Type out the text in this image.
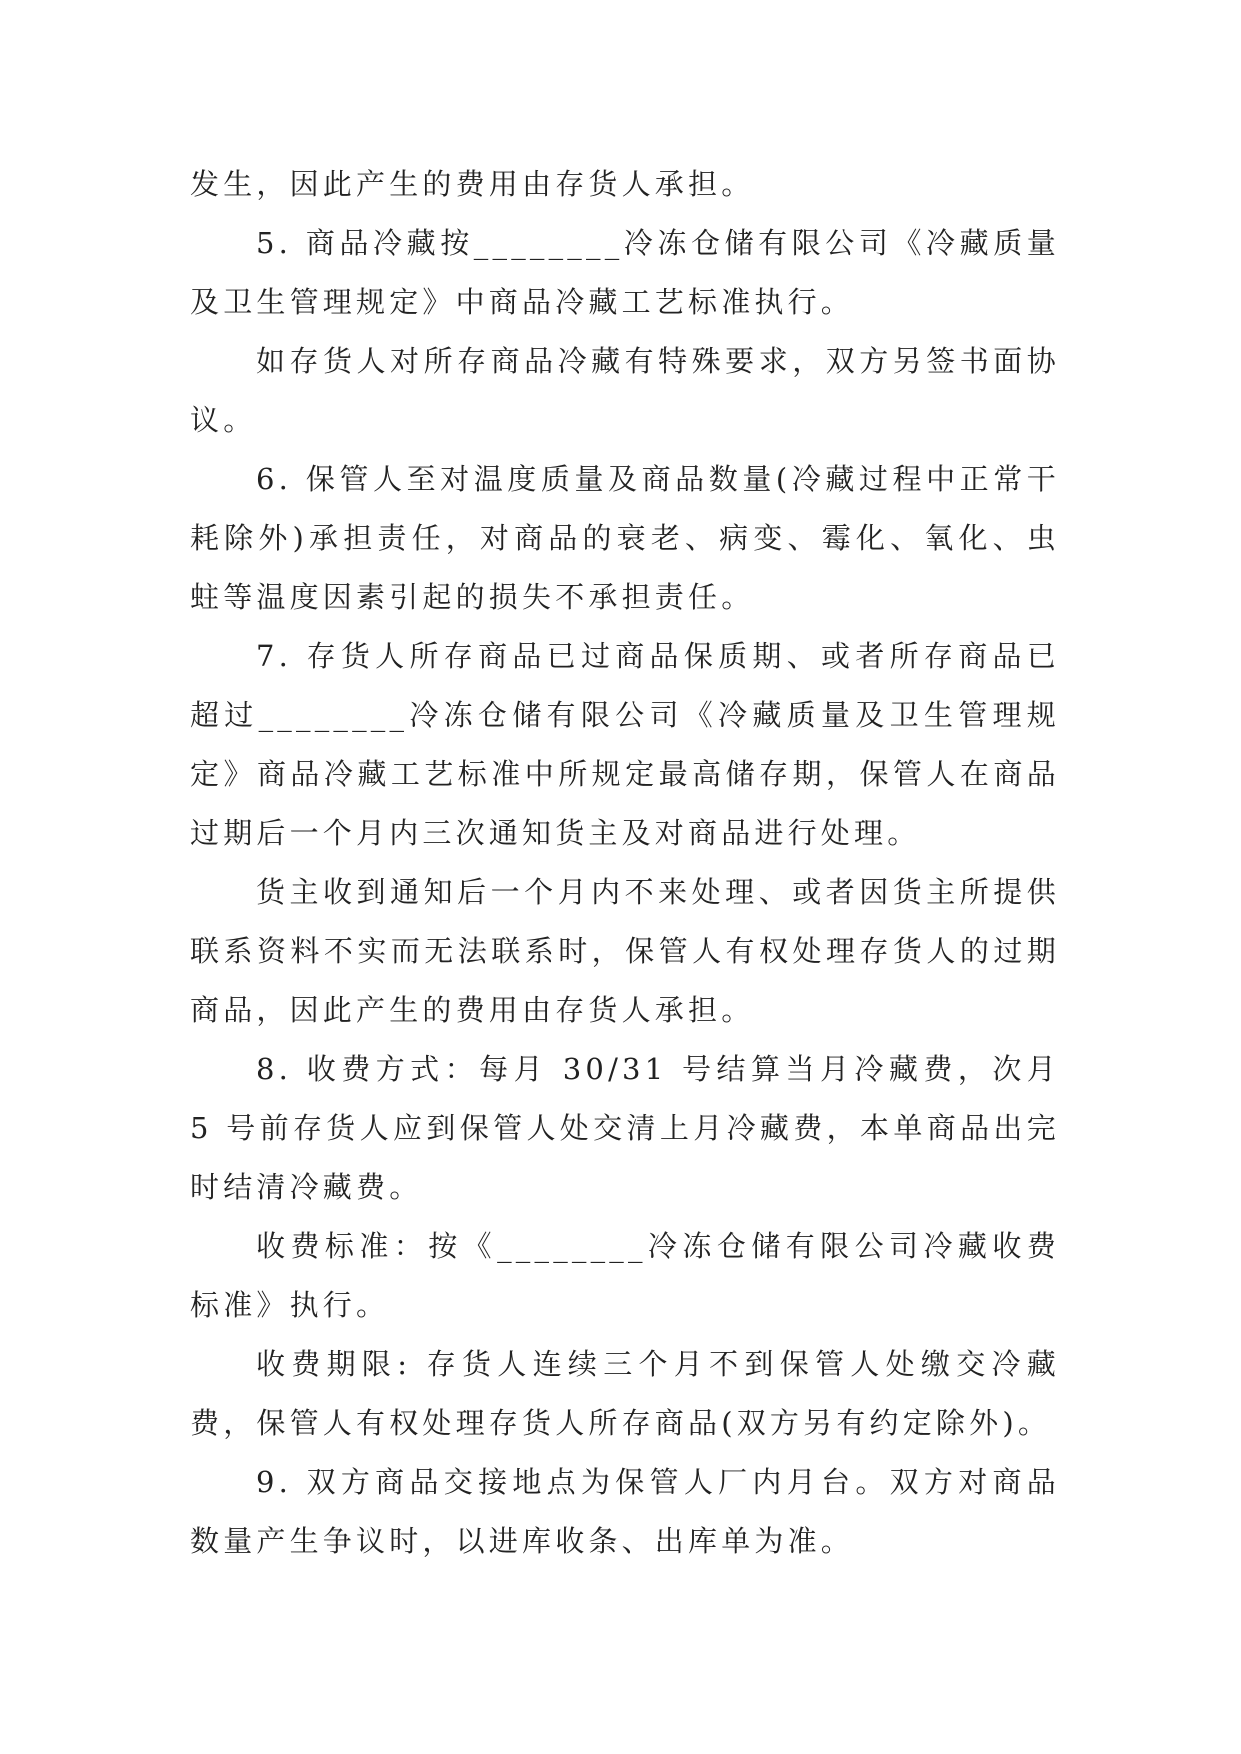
发生，因此产生的费用由存货人承担。

5. 商品冷藏按________冷冻仓储有限公司《冷藏质量及卫生管理规定》中商品冷藏工艺标准执行。

如存货人对所存商品冷藏有特殊要求，双方另签书面协议。

6. 保管人至对温度质量及商品数量(冷藏过程中正常干耗除外)承担责任，对商品的衰老、病变、霉化、氧化、虫蛀等温度因素引起的损失不承担责任。

7. 存货人所存商品已过商品保质期、或者所存商品已超过________冷冻仓储有限公司《冷藏质量及卫生管理规定》商品冷藏工艺标准中所规定最高储存期，保管人在商品过期后一个月内三次通知货主及对商品进行处理。

货主收到通知后一个月内不来处理、或者因货主所提供联系资料不实而无法联系时，保管人有权处理存货人的过期商品，因此产生的费用由存货人承担。

8. 收费方式：每月 30/31 号结算当月冷藏费，次月 5 号前存货人应到保管人处交清上月冷藏费，本单商品出完时结清冷藏费。

收费标准：按《________冷冻仓储有限公司冷藏收费标准》执行。

收费期限: 存货人连续三个月不到保管人处缴交冷藏费，保管人有权处理存货人所存商品(双方另有约定除外)。

9. 双方商品交接地点为保管人厂内月台。双方对商品数量产生争议时，以进库收条、出库单为准。
